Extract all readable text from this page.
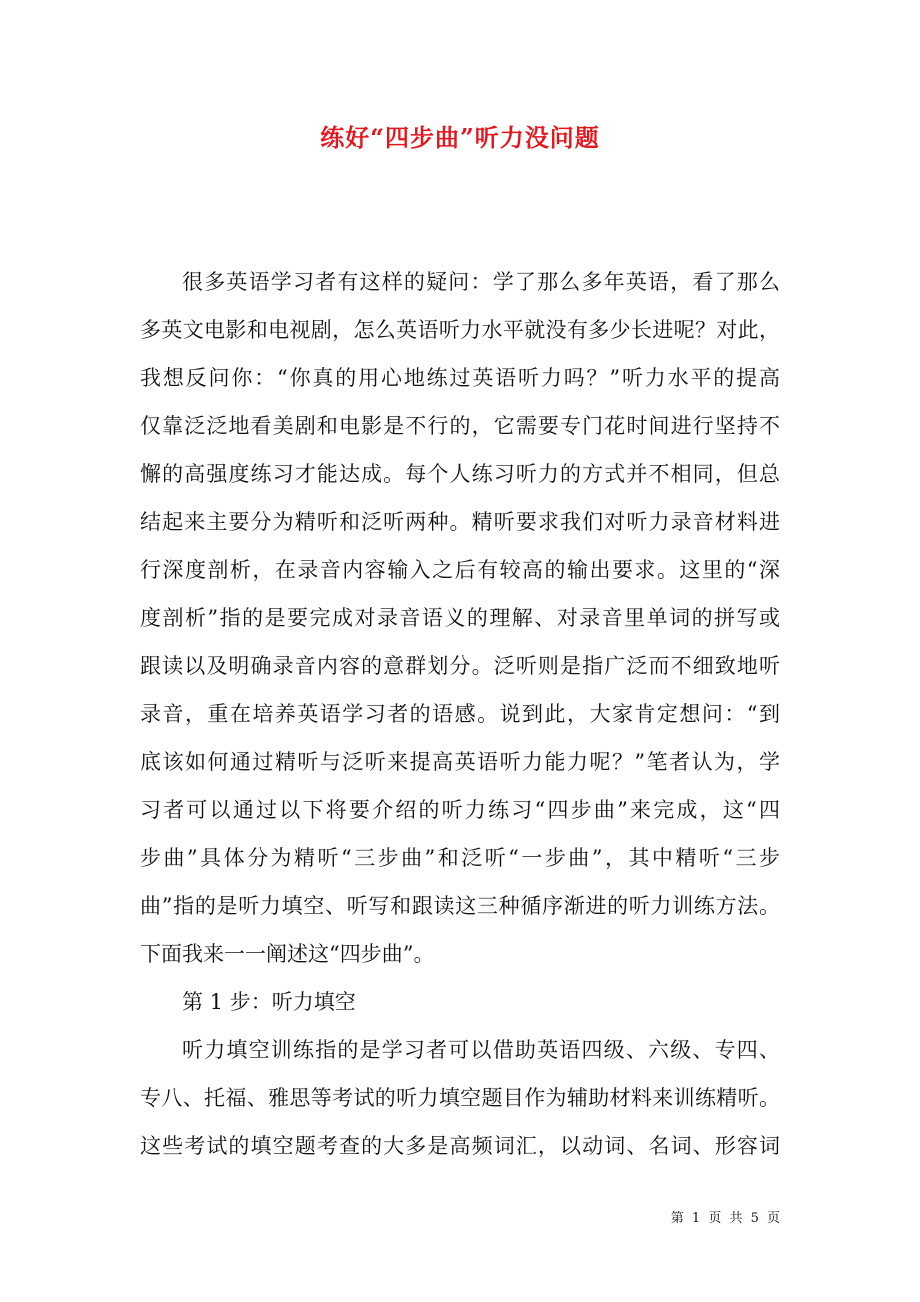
练好“四步曲”听力没问题
很多英语学习者有这样的疑问：学了那么多年英语，看了那么
多英文电影和电视剧，怎么英语听力水平就没有多少长进呢？对此，
我想反问你：“你真的用心地练过英语听力吗？”听力水平的提高
仅靠泛泛地看美剧和电影是不行的，它需要专门花时间进行坚持不
懈的高强度练习才能达成。每个人练习听力的方式并不相同，但总
结起来主要分为精听和泛听两种。精听要求我们对听力录音材料进
行深度剖析，在录音内容输入之后有较高的输出要求。这里的“深
度剖析”指的是要完成对录音语义的理解、对录音里单词的拼写或
跟读以及明确录音内容的意群划分。泛听则是指广泛而不细致地听
录音，重在培养英语学习者的语感。说到此，大家肯定想问：“到
底该如何通过精听与泛听来提高英语听力能力呢？”笔者认为，学
习者可以通过以下将要介绍的听力练习“四步曲”来完成，这“四
步曲”具体分为精听“三步曲”和泛听“一步曲”，其中精听“三步
曲”指的是听力填空、听写和跟读这三种循序渐进的听力训练方法。
下面我来一一阐述这“四步曲”。
第 1 步：听力填空
听力填空训练指的是学习者可以借助英语四级、六级、专四、
专八、托福、雅思等考试的听力填空题目作为辅助材料来训练精听。
这些考试的填空题考查的大多是高频词汇，以动词、名词、形容词
第 1 页 共 5 页
